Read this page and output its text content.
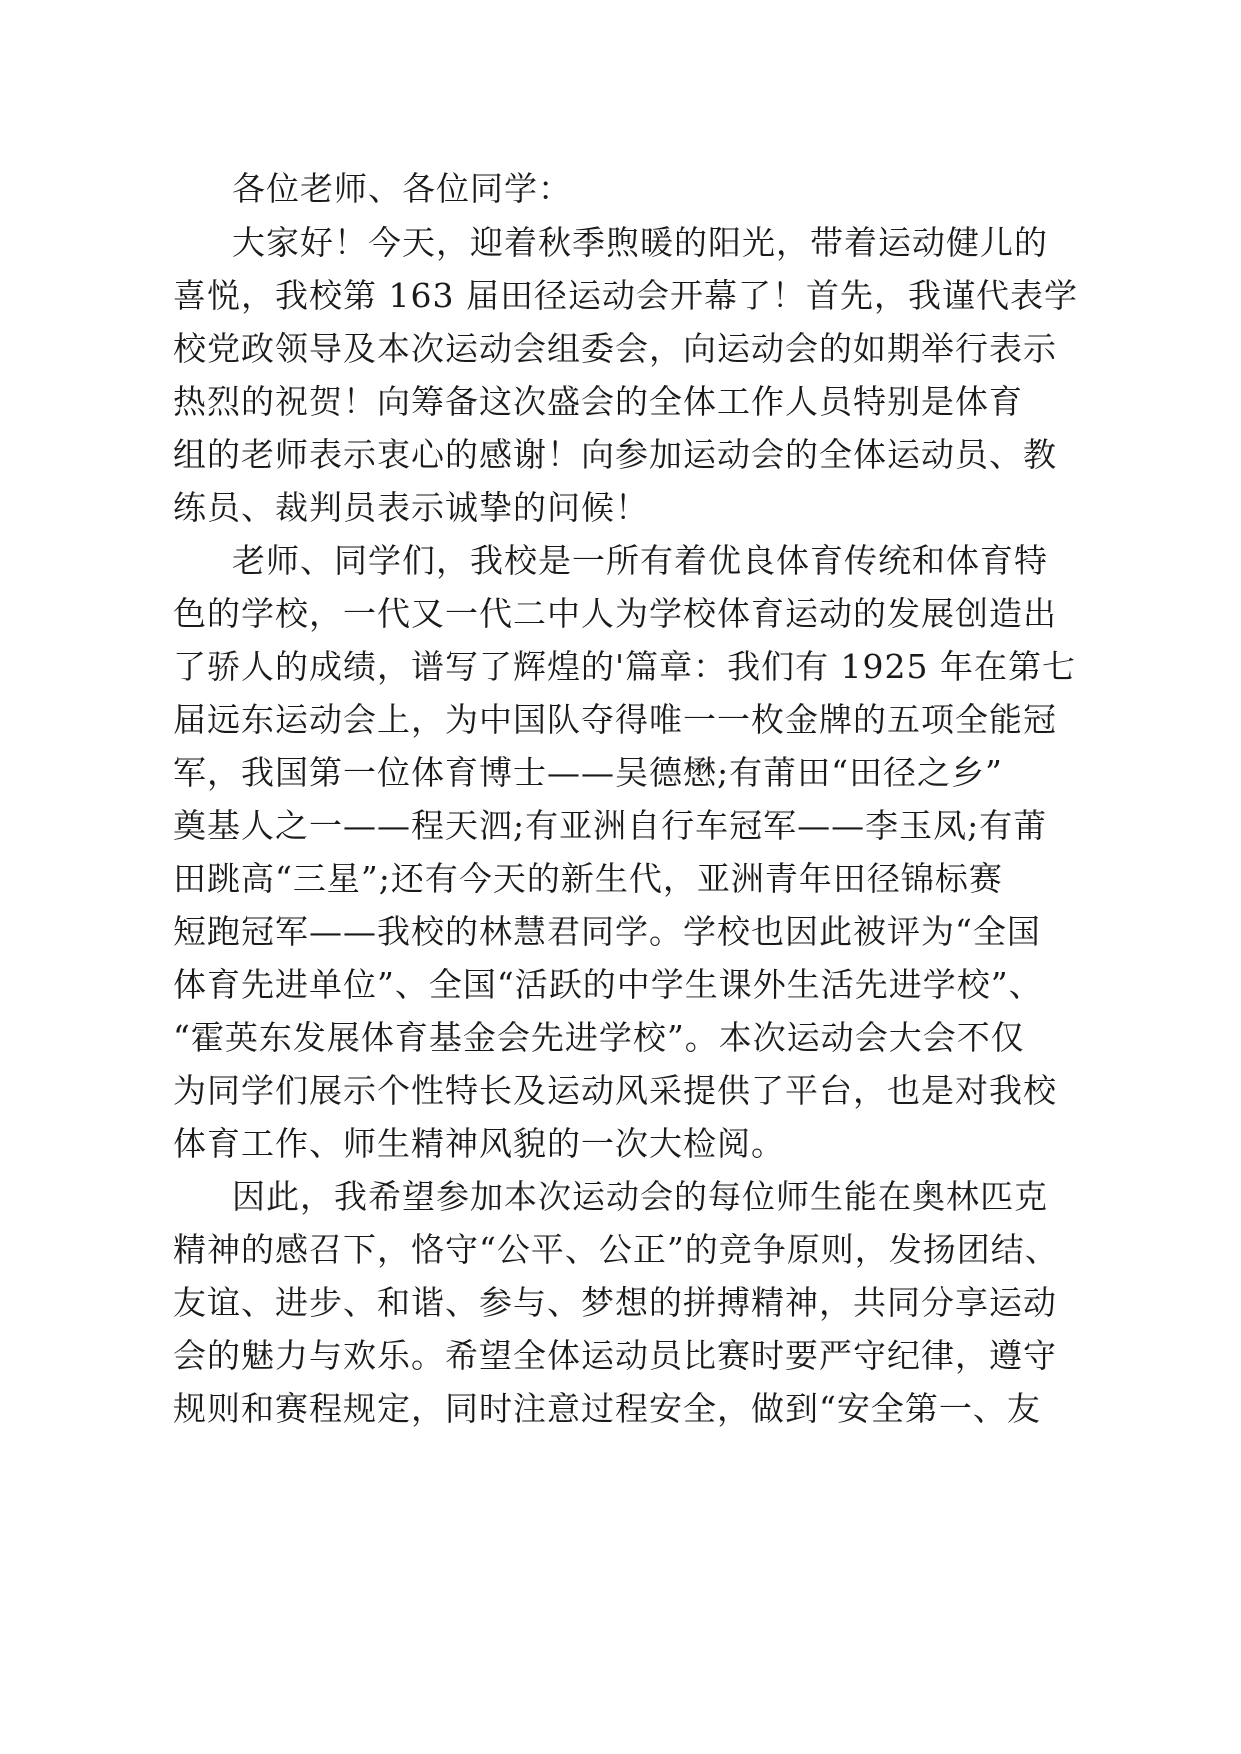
各位老师、各位同学：

大家好！今天，迎着秋季煦暖的阳光，带着运动健儿的

喜悦，我校第 163 届田径运动会开幕了！首先，我谨代表学

校党政领导及本次运动会组委会，向运动会的如期举行表示

热烈的祝贺！向筹备这次盛会的全体工作人员特别是体育

组的老师表示衷心的感谢！向参加运动会的全体运动员、教

练员、裁判员表示诚挚的问候！

老师、同学们，我校是一所有着优良体育传统和体育特

色的学校，一代又一代二中人为学校体育运动的发展创造出

了骄人的成绩，谱写了辉煌的'篇章：我们有 1925 年在第七

届远东运动会上，为中国队夺得唯一一枚金牌的五项全能冠

军，我国第一位体育博士——吴德懋;有莆田“田径之乡”

奠基人之一——程天泗;有亚洲自行车冠军——李玉凤;有莆

田跳高“三星”;还有今天的新生代，亚洲青年田径锦标赛

短跑冠军——我校的林慧君同学。学校也因此被评为“全国

体育先进单位”、全国“活跃的中学生课外生活先进学校”、

“霍英东发展体育基金会先进学校”。本次运动会大会不仅

为同学们展示个性特长及运动风采提供了平台，也是对我校

体育工作、师生精神风貌的一次大检阅。

因此，我希望参加本次运动会的每位师生能在奥林匹克

精神的感召下，恪守“公平、公正”的竞争原则，发扬团结、

友谊、进步、和谐、参与、梦想的拼搏精神，共同分享运动

会的魅力与欢乐。希望全体运动员比赛时要严守纪律，遵守

规则和赛程规定，同时注意过程安全，做到“安全第一、友
